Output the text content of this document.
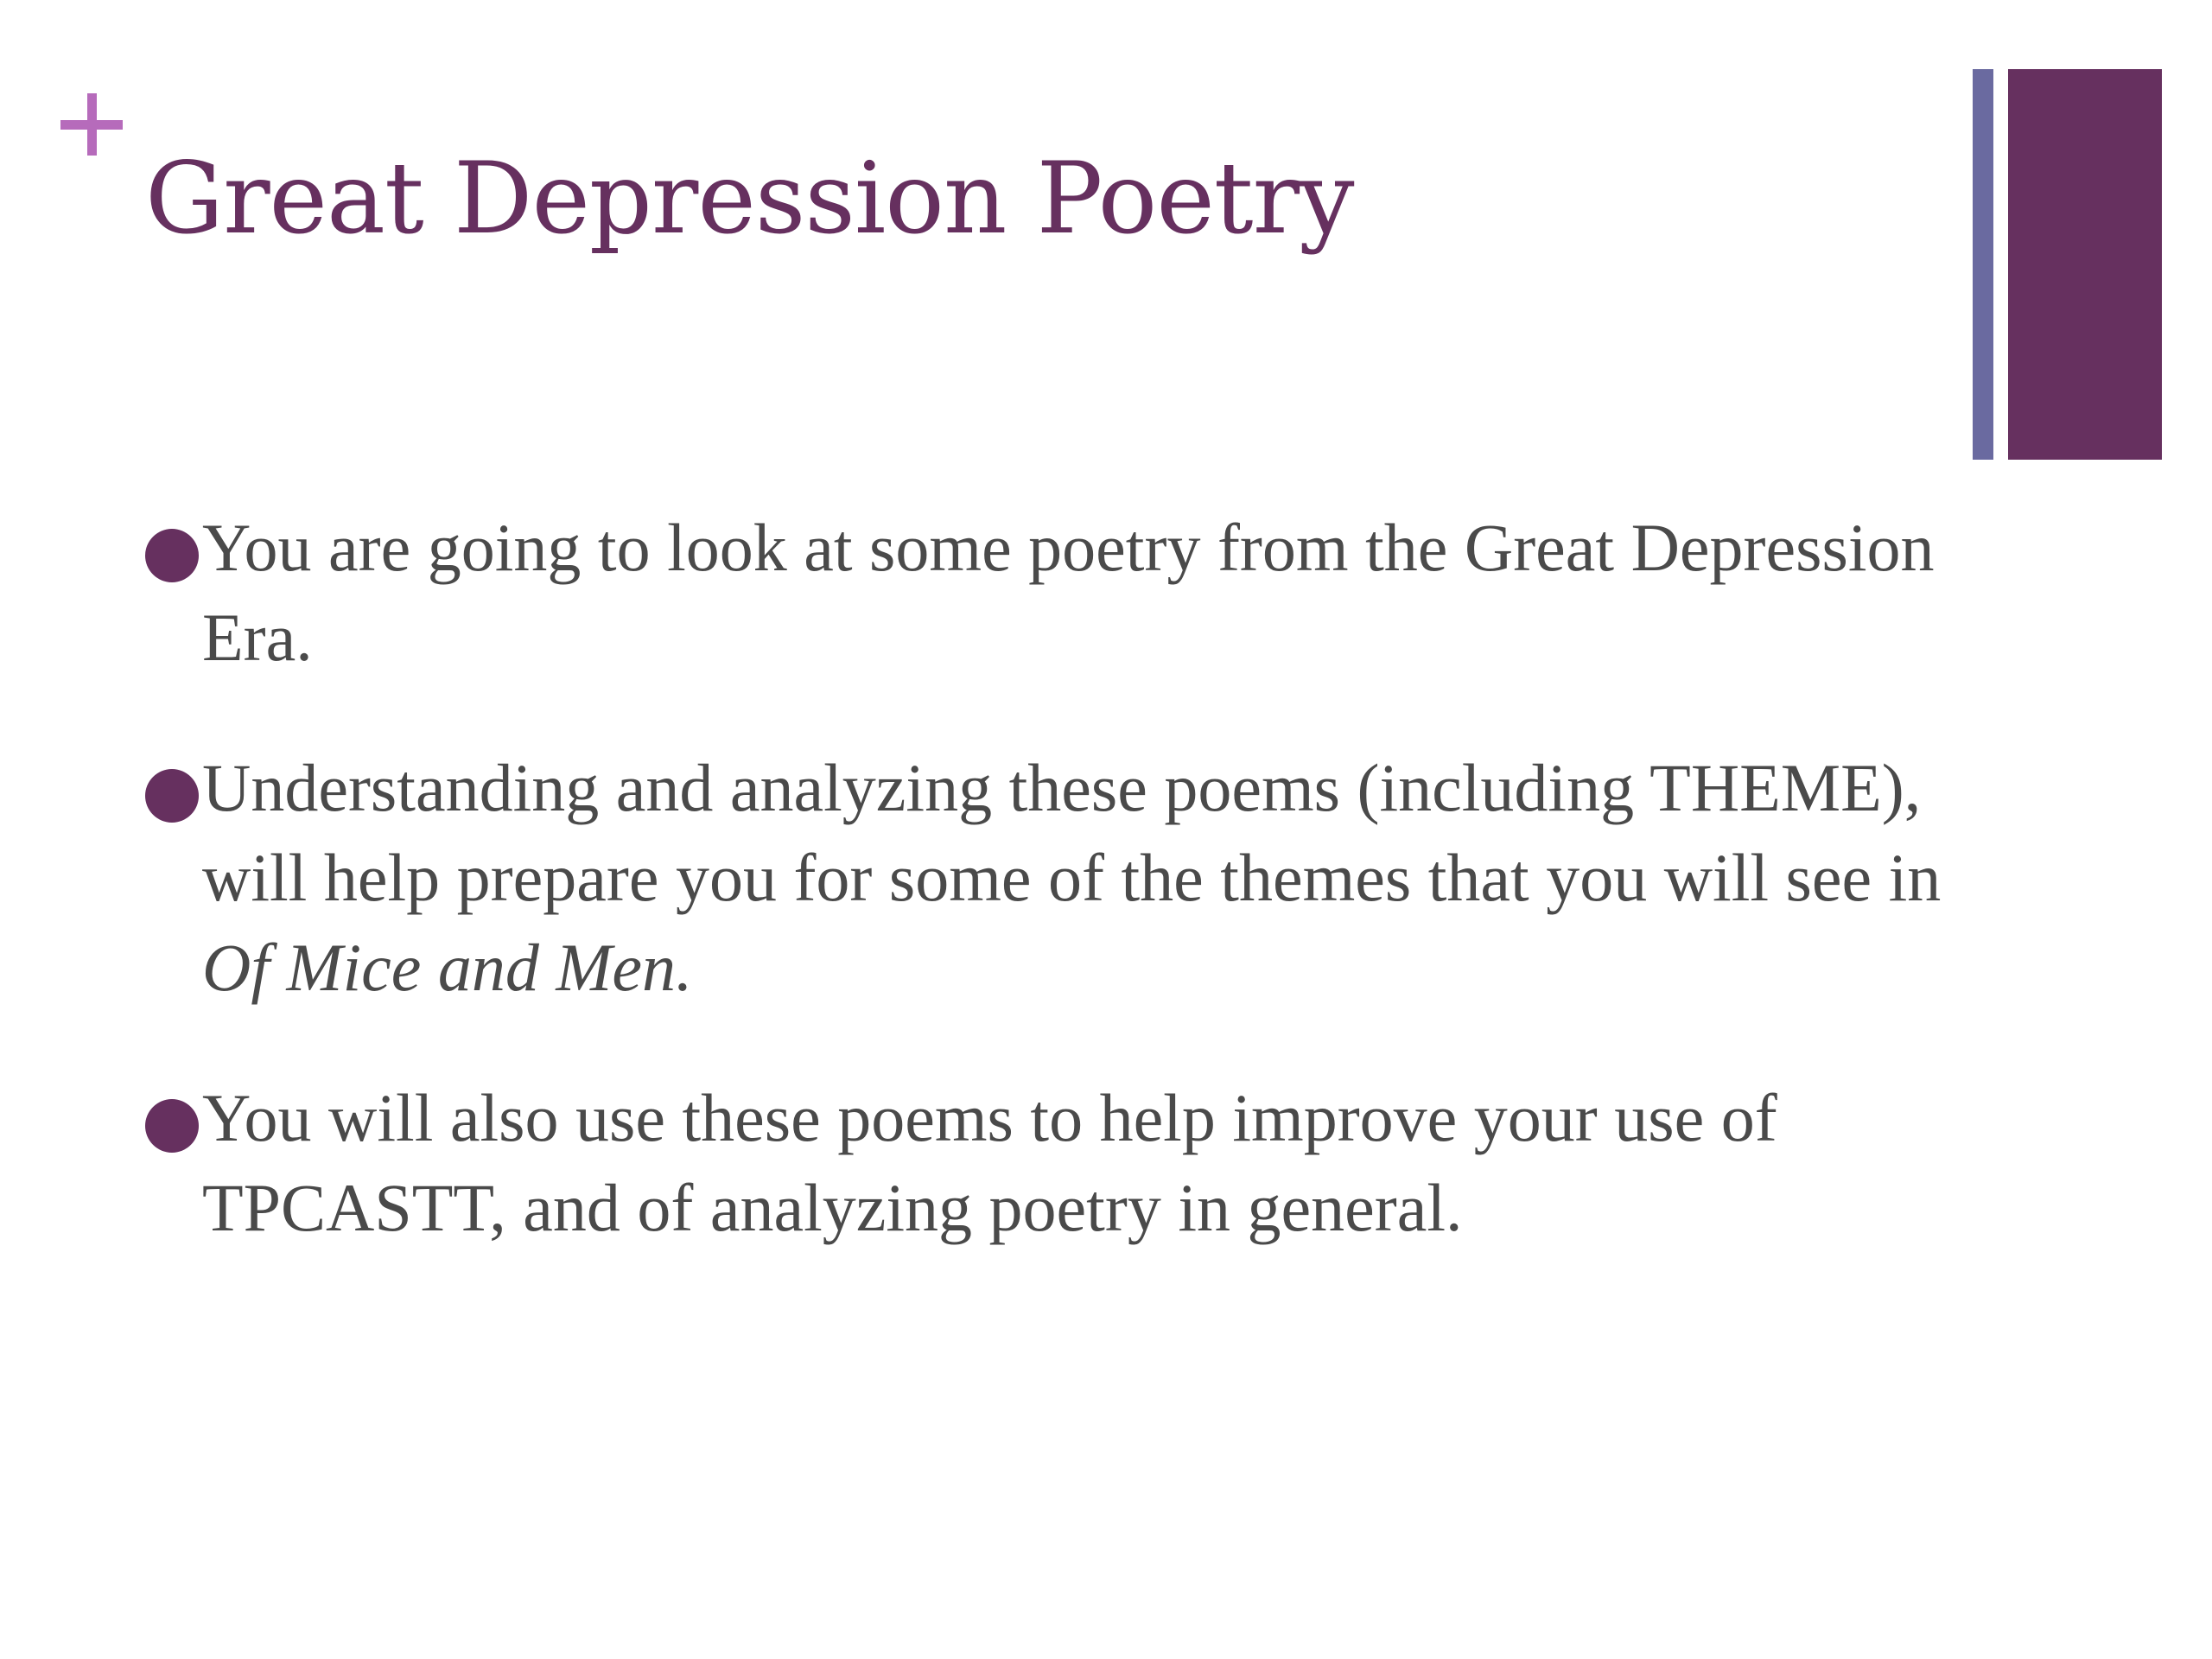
Great Depression Poetry
You are going to look at some poetry from the Great Depression Era.
Understanding and analyzing these poems (including THEME), will help prepare you for some of the themes that you will see in Of Mice and Men.
You will also use these poems to help improve your use of TPCASTT, and of analyzing poetry in general.
